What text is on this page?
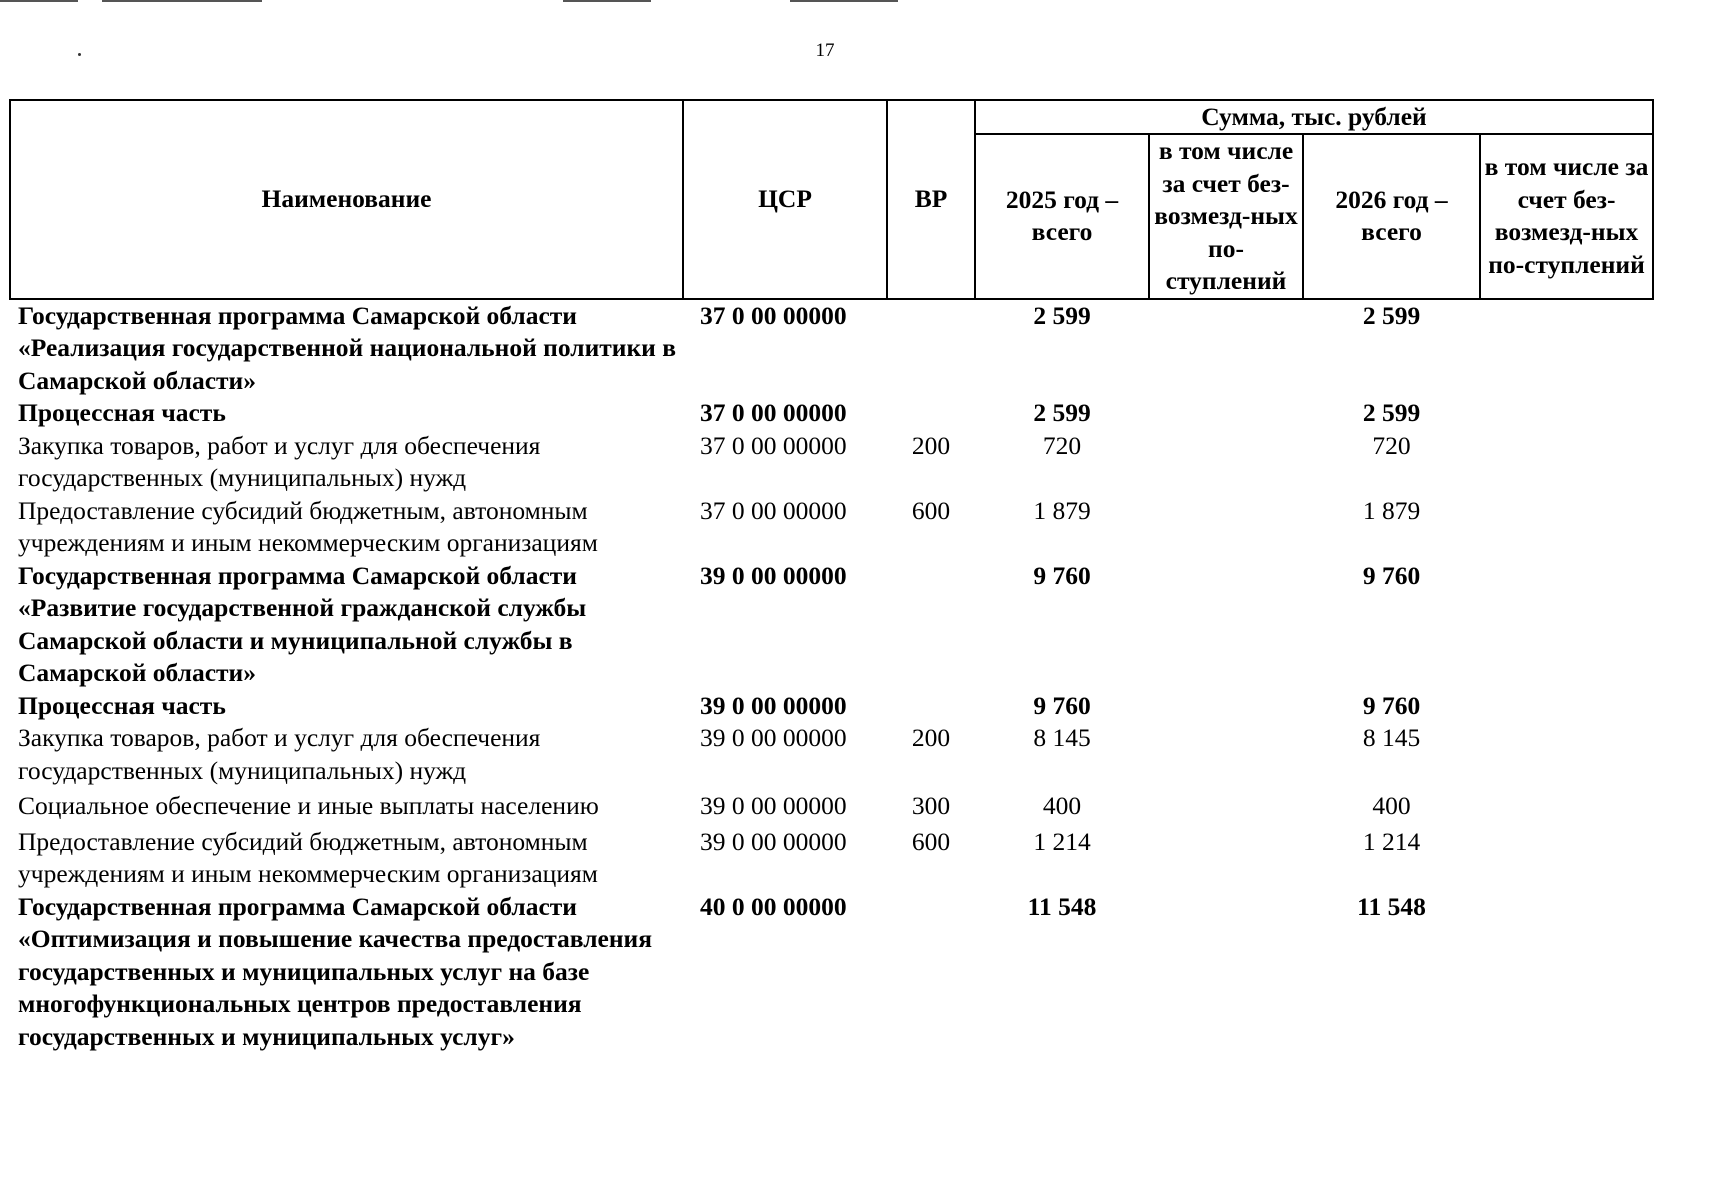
17
Наименование	ЦСР	ВР	Сумма, тыс. рублей			
			2025 год – всего	в том числе за счет без-возмезд-ных по-ступлений	2026 год – всего	в том числе за счет без-возмезд-ных по-ступлений
Государственная программа Самарской области «Реализация государственной национальной политики в Самарской области»	37 0 00 00000		2 599		2 599	
Процессная часть	37 0 00 00000		2 599		2 599	
Закупка товаров, работ и услуг для обеспечения государственных (муниципальных) нужд	37 0 00 00000	200	720		720	
Предоставление субсидий бюджетным, автономным учреждениям и иным некоммерческим организациям	37 0 00 00000	600	1 879		1 879	
Государственная программа Самарской области «Развитие государственной гражданской службы Самарской области и муниципальной службы в Самарской области»	39 0 00 00000		9 760		9 760	
Процессная часть	39 0 00 00000		9 760		9 760	
Закупка товаров, работ и услуг для обеспечения государственных (муниципальных) нужд	39 0 00 00000	200	8 145		8 145	
Социальное обеспечение и иные выплаты населению	39 0 00 00000	300	400		400	
Предоставление субсидий бюджетным, автономным учреждениям и иным некоммерческим организациям	39 0 00 00000	600	1 214		1 214	
Государственная программа Самарской области «Оптимизация и повышение качества предоставления государственных и муниципальных услуг на базе многофункциональных центров предоставления государственных и муниципальных услуг»	40 0 00 00000		11 548		11 548	
